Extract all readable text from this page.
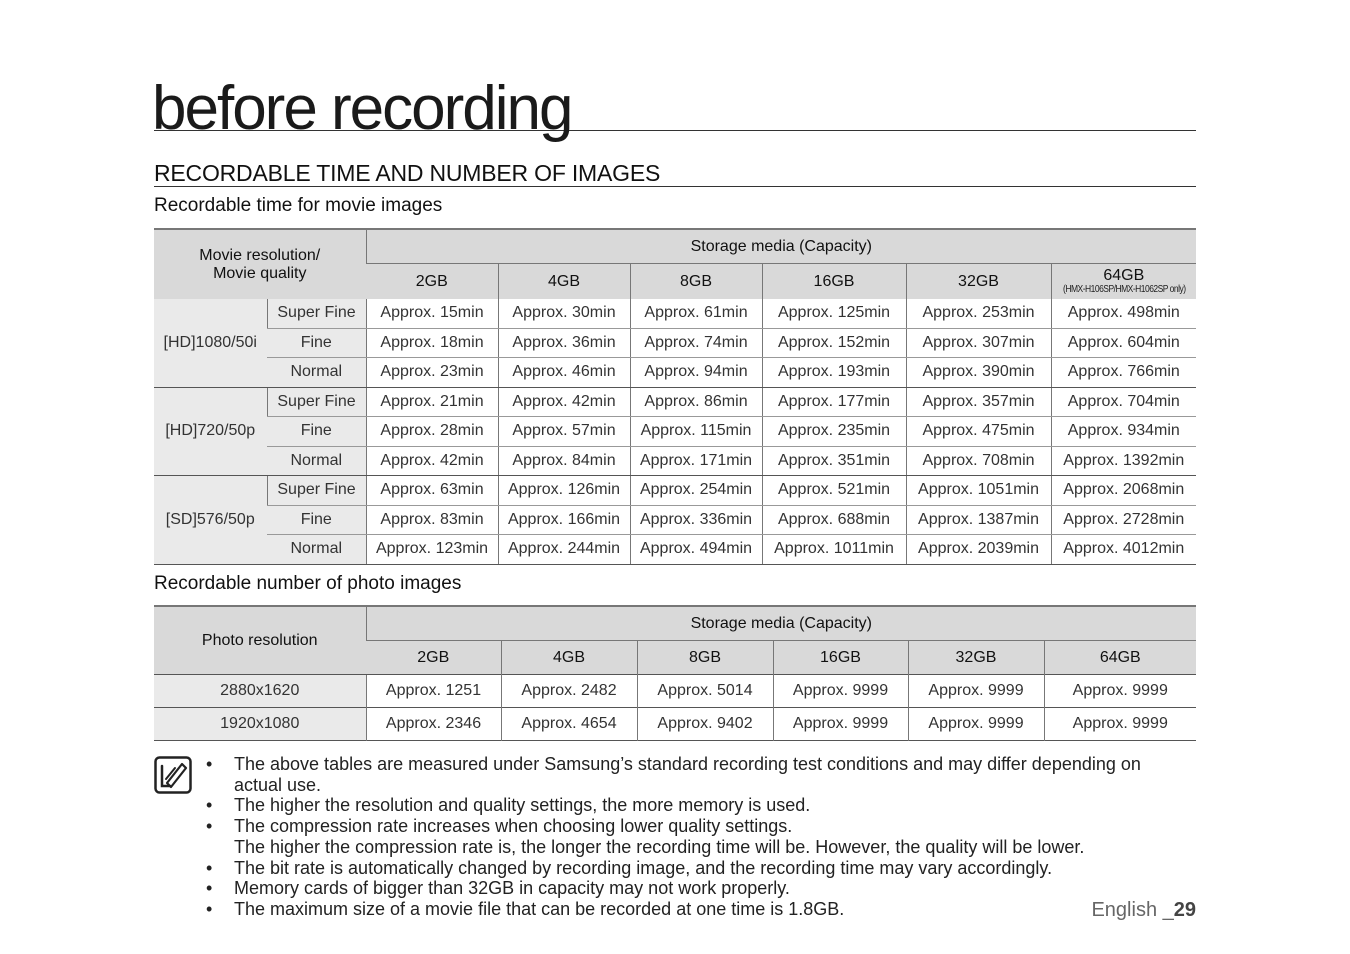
before recording
RECORDABLE TIME AND NUMBER OF IMAGES
Recordable time for movie images
Movie resolution/
Movie quality		Storage media (Capacity)					
		2GB	4GB	8GB	16GB	32GB	64GB
(HMX-H106SP/HMX-H1062SP only)

[HD]1080/50i	Super Fine	Approx. 15min	Approx. 30min	Approx. 61min	Approx. 125min	Approx. 253min	Approx. 498min
	Fine	Approx. 18min	Approx. 36min	Approx. 74min	Approx. 152min	Approx. 307min	Approx. 604min
	Normal	Approx. 23min	Approx. 46min	Approx. 94min	Approx. 193min	Approx. 390min	Approx. 766min
[HD]720/50p	Super Fine	Approx. 21min	Approx. 42min	Approx. 86min	Approx. 177min	Approx. 357min	Approx. 704min
	Fine	Approx. 28min	Approx. 57min	Approx. 115min	Approx. 235min	Approx. 475min	Approx. 934min
	Normal	Approx. 42min	Approx. 84min	Approx. 171min	Approx. 351min	Approx. 708min	Approx. 1392min
[SD]576/50p	Super Fine	Approx. 63min	Approx. 126min	Approx. 254min	Approx. 521min	Approx. 1051min	Approx. 2068min
	Fine	Approx. 83min	Approx. 166min	Approx. 336min	Approx. 688min	Approx. 1387min	Approx. 2728min
	Normal	Approx. 123min	Approx. 244min	Approx. 494min	Approx. 1011min	Approx. 2039min	Approx. 4012min
Recordable number of photo images
Photo resolution	Storage media (Capacity)					
	2GB	4GB	8GB	16GB	32GB	64GB
2880x1620	Approx. 1251	Approx. 2482	Approx. 5014	Approx. 9999	Approx. 9999	Approx. 9999
1920x1080	Approx. 2346	Approx. 4654	Approx. 9402	Approx. 9999	Approx. 9999	Approx. 9999
• The above tables are measured under Samsung’s standard recording test conditions and may differ depending on actual use.
• The higher the resolution and quality settings, the more memory is used.
• The compression rate increases when choosing lower quality settings.
The higher the compression rate is, the longer the recording time will be. However, the quality will be lower.
• The bit rate is automatically changed by recording image, and the recording time may vary accordingly.
• Memory cards of bigger than 32GB in capacity may not work properly.
• The maximum size of a movie file that can be recorded at one time is 1.8GB.	English _29
